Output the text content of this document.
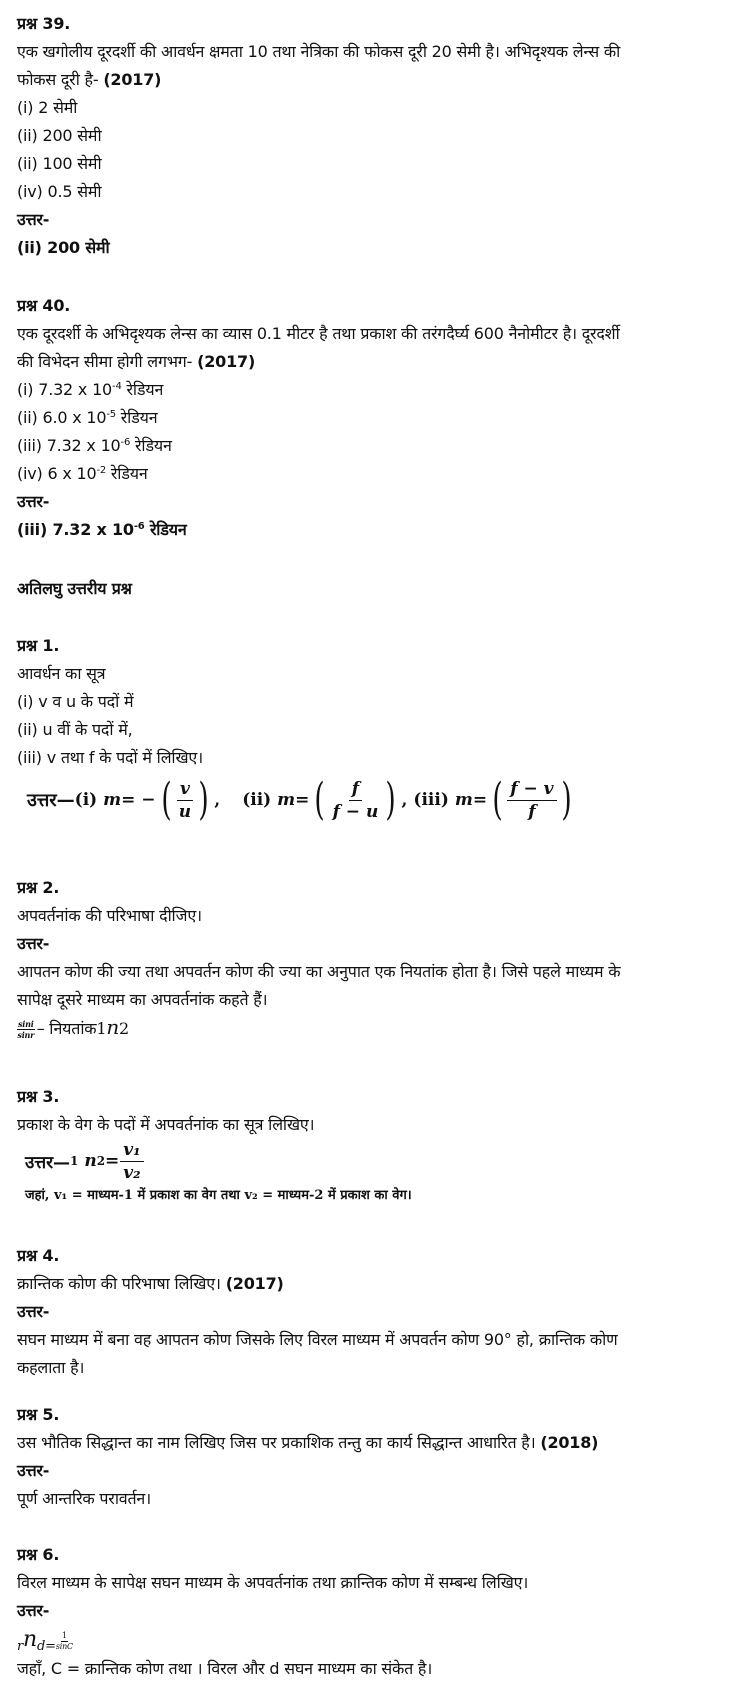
प्रश्न 39.
एक खगोलीय दूरदर्शी की आवर्धन क्षमता 10 तथा नेत्रिका की फोकस दूरी 20 सेमी है। अभिदृश्यक लेन्स की
फोकस दूरी है- (2017)
(i) 2 सेमी
(ii) 200 सेमी
(ii) 100 सेमी
(iv) 0.5 सेमी
उत्तर-
(ii) 200 सेमी
प्रश्न 40.
एक दूरदर्शी के अभिदृश्यक लेन्स का व्यास 0.1 मीटर है तथा प्रकाश की तरंगदैर्घ्य 600 नैनोमीटर है। दूरदर्शी
की विभेदन सीमा होगी लगभग- (2017)
(i) 7.32 x $10^{-4}$ रेडियन
(ii) 6.0 x $10^{-5}$ रेडियन
(iii) 7.32 x $10^{-6}$ रेडियन
(iv) 6 x $10^{-2}$ रेडियन
उत्तर-
(iii) 7.32 x $10^{-6}$ रेडियन
अतिलघु उत्तरीय प्रश्न
प्रश्न 1.
आवर्धन का सूत्र
(i) v व u के पदों में
(ii) u वीं के पदों में,
(iii) v तथा f के पदों में लिखिए।
उत्तर— (i)
m = − ( $\frac{v}{u}$ ) , (ii)
m = ( $\frac{f}{f - u}$ ) , (iii)
m = ( $\frac{f - v}{f}$ )
प्रश्न 2.
अपवर्तनांक की परिभाषा दीजिए।
उत्तर-
आपतन कोण की ज्या तथा अपवर्तन कोण की ज्या का अनुपात एक नियतांक होता है। जिसे पहले माध्यम के
सापेक्ष दूसरे माध्यम का अपवर्तनांक कहते हैं।
$\frac{\sin i}{\sin r}$ – नियतांक1n2
प्रश्न 3.
प्रकाश के वेग के पदों में अपवर्तनांक का सूत्र लिखिए।
उत्तर— 1
n $2 = \frac{\text{v₁}}{\text{v₂}}$
जहां, v₁ = माध्यम-1 में प्रकाश का वेग तथा v₂ = माध्यम-2 में प्रकाश का वेग।
प्रश्न 4.
क्रान्तिक कोण की परिभाषा लिखिए। (2017)
उत्तर-
सघन माध्यम में बना वह आपतन कोण जिसके लिए विरल माध्यम में अपवर्तन कोण 90° हो, क्रान्तिक कोण
कहलाता है।
प्रश्न 5.
उस भौतिक सिद्धान्त का नाम लिखिए जिस पर प्रकाशिक तन्तु का कार्य सिद्धान्त आधारित है। (2018)
उत्तर-
पूर्ण आन्तरिक परावर्तन।
प्रश्न 6.
विरल माध्यम के सापेक्ष सघन माध्यम के अपवर्तनांक तथा क्रान्तिक कोण में सम्बन्ध लिखिए।
उत्तर-
$_rn_{d=} \frac{1}{\sin C}$
जहाँ, C = क्रान्तिक कोण तथा । विरल और d सघन माध्यम का संकेत है।
